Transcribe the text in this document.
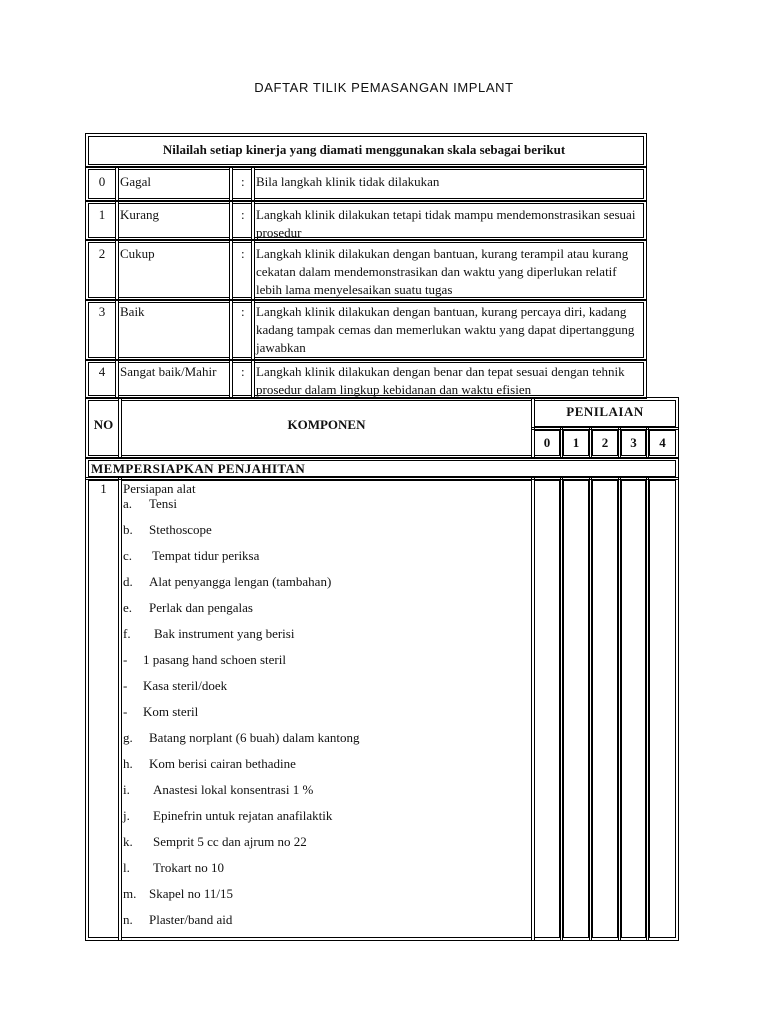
DAFTAR TILIK PEMASANGAN IMPLANT
Nilailah setiap kinerja yang diamati menggunakan skala sebagai berikut
0	Gagal	: Bila langkah klinik tidak dilakukan
1	Kurang	: Langkah klinik dilakukan tetapi tidak mampu mendemonstrasikan sesuai prosedur
2	Cukup	: Langkah klinik dilakukan dengan bantuan, kurang terampil atau kurang cekatan dalam mendemonstrasikan dan waktu yang diperlukan relatif lebih lama menyelesaikan suatu tugas
3	Baik	: Langkah klinik dilakukan dengan bantuan, kurang percaya diri, kadang kadang tampak cemas dan memerlukan waktu yang dapat dipertanggung jawabkan
4	Sangat baik/Mahir	: Langkah klinik dilakukan dengan benar dan tepat sesuai dengan tehnik prosedur dalam lingkup kebidanan dan waktu efisien
NO	KOMPONEN
PENILAIAN
0	1	2	3	4
MEMPERSIAPKAN PENJAHITAN
1	Persiapan alat
a. Tensi
b. Stethoscope
c. Tempat tidur periksa
d. Alat penyangga lengan (tambahan)
e. Perlak dan pengalas
f. Bak instrument yang berisi
- 1 pasang hand schoen steril
- Kasa steril/doek
- Kom steril
g. Batang norplant (6 buah) dalam kantong
h. Kom berisi cairan bethadine
i. Anastesi lokal konsentrasi 1 %
j. Epinefrin untuk rejatan anafilaktik
k. Semprit 5 cc dan ajrum no 22
l. Trokart no 10
m. Skapel no 11/15
n. Plaster/band aid
